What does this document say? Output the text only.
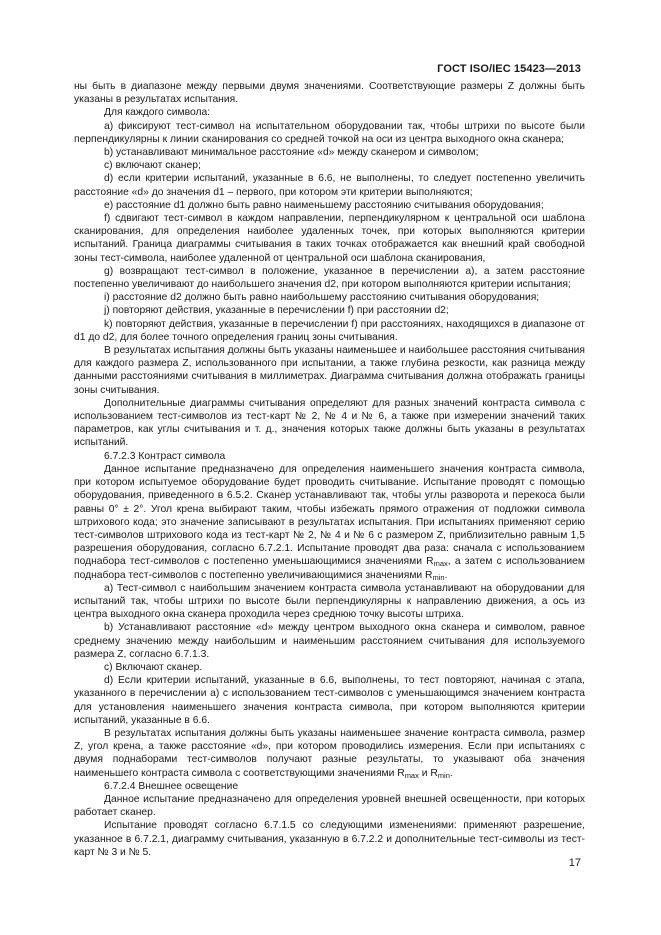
ГОСТ ISO/IEC 15423—2013

ны быть в диапазоне между первыми двумя значениями. Соответствующие размеры Z должны быть указаны в результатах испытания.

Для каждого символа:

a) фиксируют тест-символ на испытательном оборудовании так, чтобы штрихи по высоте были перпендикулярны к линии сканирования со средней точкой на оси из центра выходного окна сканера;

b) устанавливают минимальное расстояние «d» между сканером и символом;

c) включают сканер;

d) если критерии испытаний, указанные в 6.6, не выполнены, то следует постепенно увеличить расстояние «d» до значения d1 – первого, при котором эти критерии выполняются;

e) расстояние d1 должно быть равно наименьшему расстоянию считывания оборудования;

f) сдвигают тест-символ в каждом направлении, перпендикулярном к центральной оси шаблона сканирования, для определения наиболее удаленных точек, при которых выполняются критерии испытаний. Граница диаграммы считывания в таких точках отображается как внешний край свободной зоны тест-символа, наиболее удаленной от центральной оси шаблона сканирования,

g) возвращают тест-символ в положение, указанное в перечислении a), а затем расстояние постепенно увеличивают до наибольшего значения d2, при котором выполняются критерии испытания;

i) расстояние d2 должно быть равно наибольшему расстоянию считывания оборудования;

j) повторяют действия, указанные в перечислении f) при расстоянии d2;

k) повторяют действия, указанные в перечислении f) при расстояниях, находящихся в диапазоне от d1 до d2, для более точного определения границ зоны считывания.

В результатах испытания должны быть указаны наименьшее и наибольшее расстояния считывания для каждого размера Z, использованного при испытании, а также глубина резкости, как разница между данными расстояниями считывания в миллиметрах. Диаграмма считывания должна отображать границы зоны считывания.

Дополнительные диаграммы считывания определяют для разных значений контраста символа с использованием тест-символов из тест-карт № 2, № 4 и № 6, а также при измерении значений таких параметров, как углы считывания и т. д., значения которых также должны быть указаны в результатах испытаний.

6.7.2.3 Контраст символа

Данное испытание предназначено для определения наименьшего значения контраста символа, при котором испытуемое оборудование будет проводить считывание. Испытание проводят с помощью оборудования, приведенного в 6.5.2. Сканер устанавливают так, чтобы углы разворота и перекоса были равны 0° ± 2°. Угол крена выбирают таким, чтобы избежать прямого отражения от подложки символа штрихового кода; это значение записывают в результатах испытания. При испытаниях применяют серию тест-символов штрихового кода из тест-карт № 2, № 4 и № 6 с размером Z, приблизительно равным 1,5 разрешения оборудования, согласно 6.7.2.1. Испытание проводят два раза: сначала с использованием поднабора тест-символов с постепенно уменьшающимися значениями $R_{max}$, а затем с использованием поднабора тест-символов с постепенно увеличивающимися значениями $R_{min}$.

a) Тест-символ с наибольшим значением контраста символа устанавливают на оборудовании для испытаний так, чтобы штрихи по высоте были перпендикулярны к направлению движения, а ось из центра выходного окна сканера проходила через среднюю точку высоты штриха.

b) Устанавливают расстояние «d» между центром выходного окна сканера и символом, равное среднему значению между наибольшим и наименьшим расстоянием считывания для используемого размера Z, согласно 6.7.1.3.

c) Включают сканер.

d) Если критерии испытаний, указанные в 6.6, выполнены, то тест повторяют, начиная с этапа, указанного в перечислении a) с использованием тест-символов с уменьшающимся значением контраста для установления наименьшего значения контраста символа, при котором выполняются критерии испытаний, указанные в 6.6.

В результатах испытания должны быть указаны наименьшее значение контраста символа, размер Z, угол крена, а также расстояние «d», при котором проводились измерения. Если при испытаниях с двумя поднаборами тест-символов получают разные результаты, то указывают оба значения наименьшего контраста символа с соответствующими значениями $R_{max}$ и $R_{min}$.

6.7.2.4 Внешнее освещение

Данное испытание предназначено для определения уровней внешней освещенности, при которых работает сканер.

Испытание проводят согласно 6.7.1.5 со следующими изменениями: применяют разрешение, указанное в 6.7.2.1, диаграмму считывания, указанную в 6.7.2.2 и дополнительные тест-символы из тест-карт № 3 и № 5.

17
